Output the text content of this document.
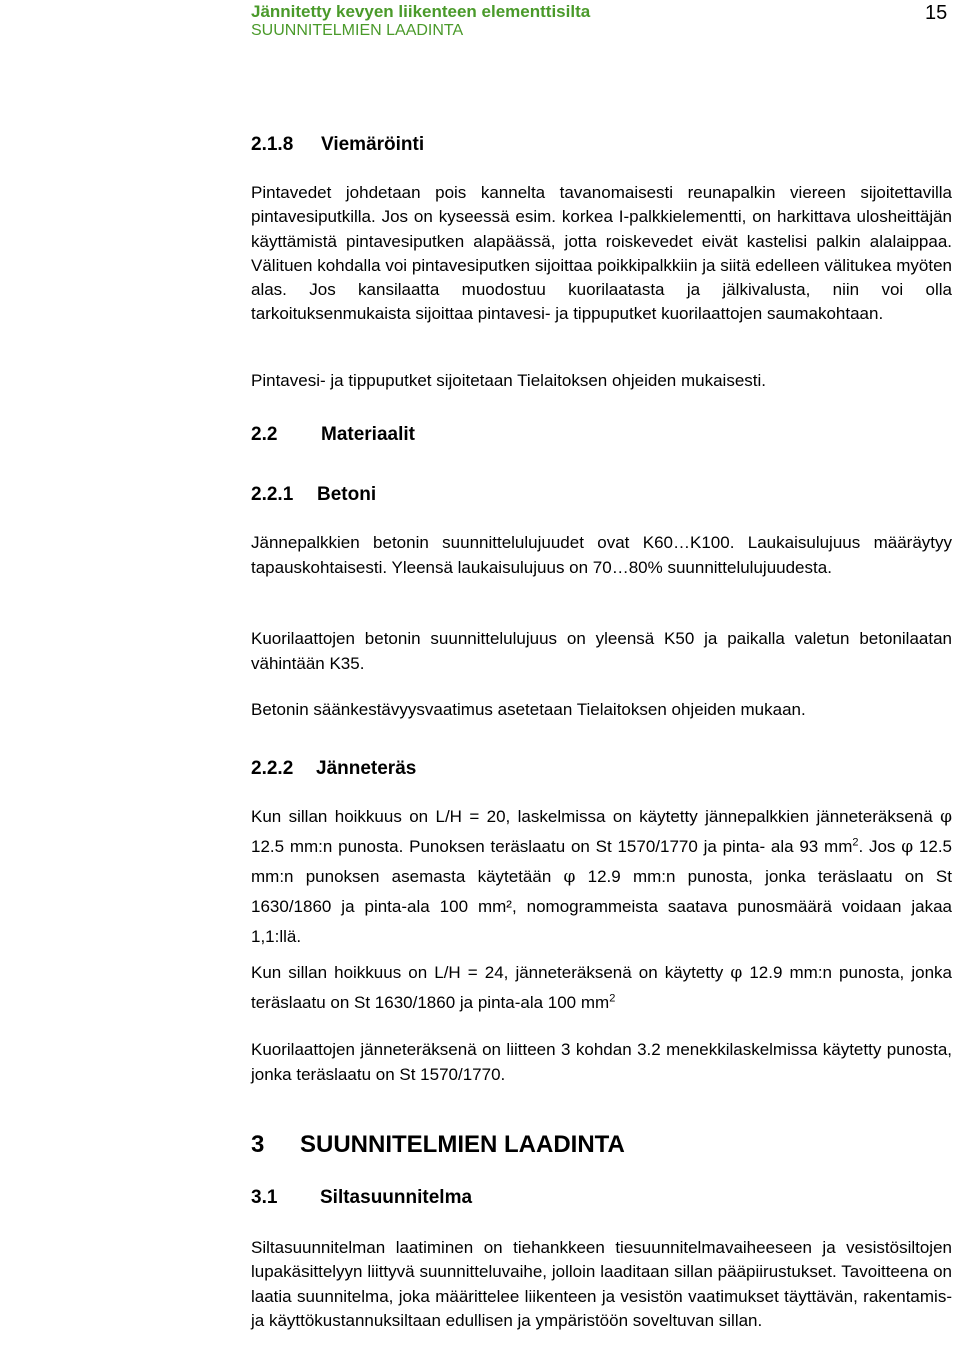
Jännitetty kevyen liikenteen elementtisilta
SUUNNITELMIEN LAADINTA
15
2.1.8 Viemäröinti

Pintavedet johdetaan pois kannelta tavanomaisesti reunapalkin viereen sijoitettavilla pintavesiputkilla. Jos on kyseessä esim. korkea I-palkkielementti, on harkittava ulosheittäjän käyttämistä pintavesiputken alapäässä, jotta roiskevedet eivät kastelisi palkin alalaippaa. Välituen kohdalla voi pintavesiputken sijoittaa poikkipalkkiin ja siitä edelleen välitukea myöten alas. Jos kansilaatta muodostuu kuorilaatasta ja jälkivalusta, niin voi olla tarkoituksenmukaista sijoittaa pintavesi- ja tippuputket kuorilaattojen saumakohtaan.

Pintavesi- ja tippuputket sijoitetaan Tielaitoksen ohjeiden mukaisesti.

2.2 Materiaalit
2.2.1 Betoni

Jännepalkkien betonin suunnittelulujuudet ovat K60…K100. Laukaisulujuus määräytyy tapauskohtaisesti. Yleensä laukaisulujuus on 70…80% suunnittelulujuudesta.

Kuorilaattojen betonin suunnittelulujuus on yleensä K50 ja paikalla valetun betonilaatan vähintään K35.

Betonin säänkestävyysvaatimus asetetaan Tielaitoksen ohjeiden mukaan.

2.2.2 Jänneteräs

Kun sillan hoikkuus on L/H = 20, laskelmissa on käytetty jännepalkkien jänneteräksenä φ 12.5 mm:n punosta. Punoksen teräslaatu on St 1570/1770 ja pinta- ala 93 $mm^2$. Jos φ 12.5 mm:n punoksen asemasta käytetään φ 12.9 mm:n punosta, jonka teräslaatu on St 1630/1860 ja pinta-ala 100 mm², nomogrammeista saatava punosmäärä voidaan jakaa 1,1:llä.

Kun sillan hoikkuus on L/H = 24, jänneteräksenä on käytetty φ 12.9 mm:n punosta, jonka teräslaatu on St 1630/1860 ja pinta-ala 100 $mm^2$

Kuorilaattojen jänneteräksenä on liitteen 3 kohdan 3.2 menekkilaskelmissa käytetty punosta, jonka teräslaatu on St 1570/1770.

3 SUUNNITELMIEN LAADINTA
3.1 Siltasuunnitelma

Siltasuunnitelman laatiminen on tiehankkeen tiesuunnitelmavaiheeseen ja vesistösiltojen lupakäsittelyyn liittyvä suunnitteluvaihe, jolloin laaditaan sillan pääpiirustukset. Tavoitteena on laatia suunnitelma, joka määrittelee liikenteen ja vesistön vaatimukset täyttävän, rakentamis- ja käyttökustannuksiltaan edullisen ja ympäristöön soveltuvan sillan.
